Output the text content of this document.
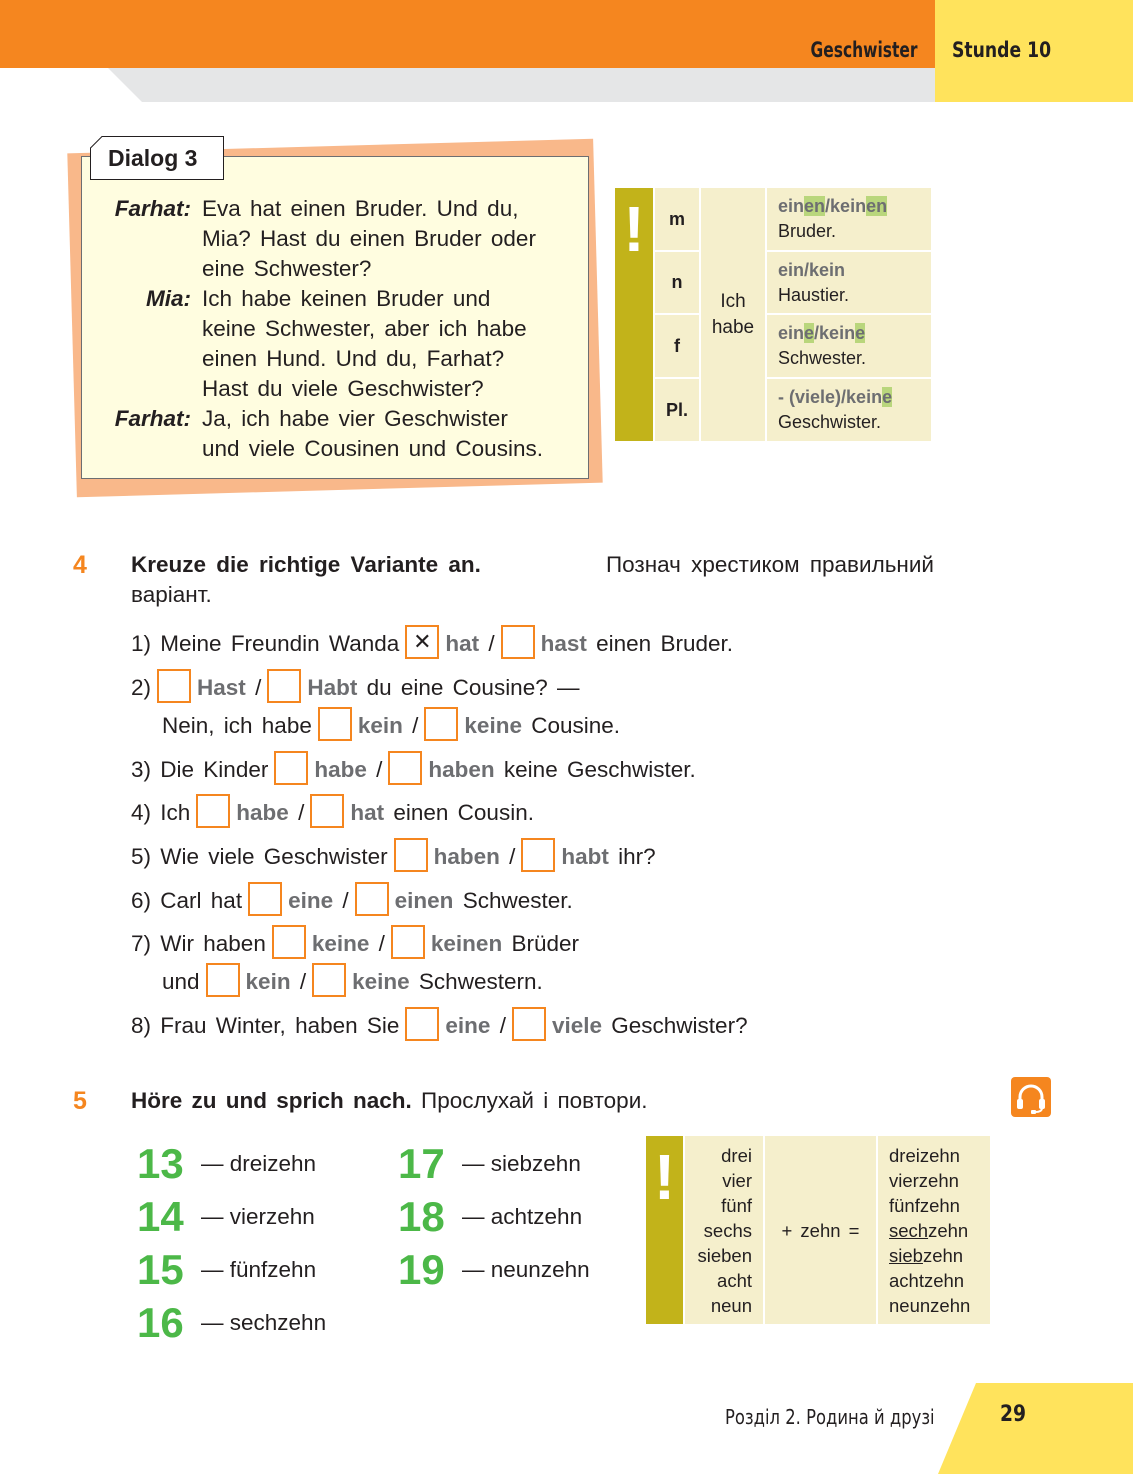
Geschwister Stunde 10
Dialog 3
Farhat: Eva hat einen Bruder. Und du,
Mia? Hast du einen Bruder oder
eine Schwester?
Mia: Ich habe keinen Bruder und
keine Schwester, aber ich habe
einen Hund. Und du, Farhat?
Hast du viele Geschwister?
Farhat: Ja, ich habe vier Geschwister
und viele Cousinen und Cousins.
!	m
n
f
Pl.
Ich habe
einen/keinen
Bruder.
ein/kein
Haustier.
eine/keine
Schwester.
- (viele)/keine
Geschwister.
4 Kreuze die richtige Variante an.	Познач хрестиком правильний
варіант.
1) Meine Freundin Wanda✕ hat / hast einen Bruder.
2) Hast / Habt du eine Cousine? —
Nein, ich habe kein / keine Cousine.
3) Die Kinder habe / haben keine Geschwister.
4) Ich habe / hat einen Cousin.
5) Wie viele Geschwister haben / habt ihr?
6) Carl hat eine / einen Schwester.
7) Wir haben keine / keinen Brüder
und kein / keine Schwestern.
8) Frau Winter, haben Sie eine / viele Geschwister?
5 Höre zu und sprich nach. Прослухай і повтори.
13 — dreizehn
14 — vierzehn
15 — fünfzehn
16 — sechzehn
17 — siebzehn
18 — achtzehn
19 — neunzehn
!	drei
vier
fünf
sechs
sieben
acht
neun
+ zehn =
dreizehn
vierzehn
fünfzehn
sechzehn
siebzehn
achtzehn
neunzehn
Розділ 2. Родина й друзі	29
